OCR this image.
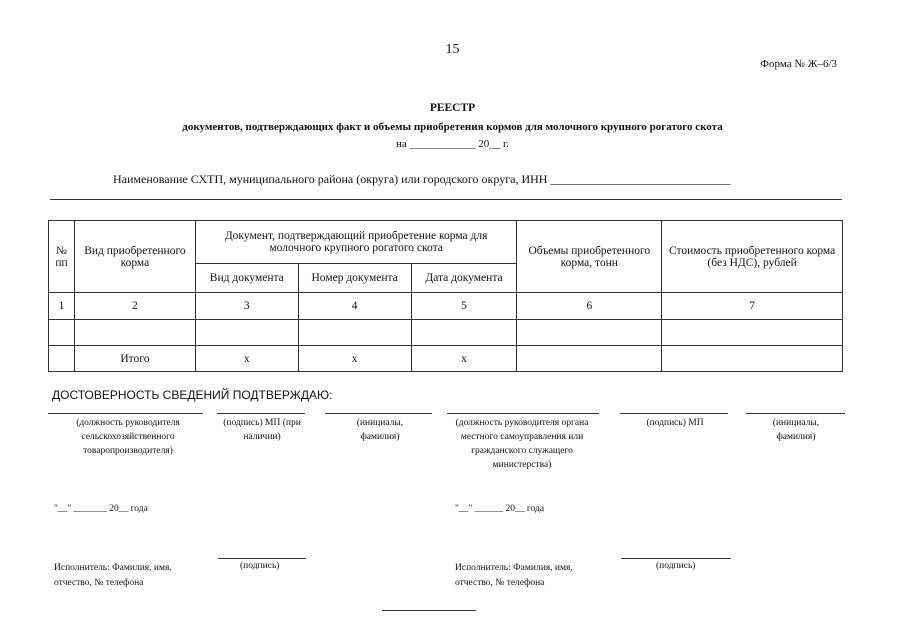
15
Форма № Ж–6/3
РЕЕСТР
документов, подтверждающих факт и объемы приобретения кормов для молочного крупного рогатого скота
на ____________ 20__ г.
Наименование СХТП, муниципального района (округа) или городского округа, ИНН ______________________________
№ пп	Вид приобретенного корма	Документ, подтверждающий приобретение корма для молочного крупного рогатого скота			Объемы приобретенного корма, тонн	Стоимость приобретенного корма (без НДС), рублей
		Вид документа	Номер документа	Дата документа		
1	2	3	4	5	6	7

	Итого	x	x	x		
ДОСТОВЕРНОСТЬ СВЕДЕНИЙ ПОДТВЕРЖДАЮ:
(должность руководителя сельскохозяйственного товаропроизводителя)
(подпись) МП (при наличии)
(инициалы, фамилия)
(должность руководителя органа местного самоуправления или гражданского служащего министерства)
(подпись) МП	(инициалы, фамилия)
"__" _______ 20__ года	"__" ______ 20__ года
Исполнитель: Фамилия, имя, отчество, № телефона
(подпись)	Исполнитель: Фамилия, имя, отчество, № телефона
(подпись)
